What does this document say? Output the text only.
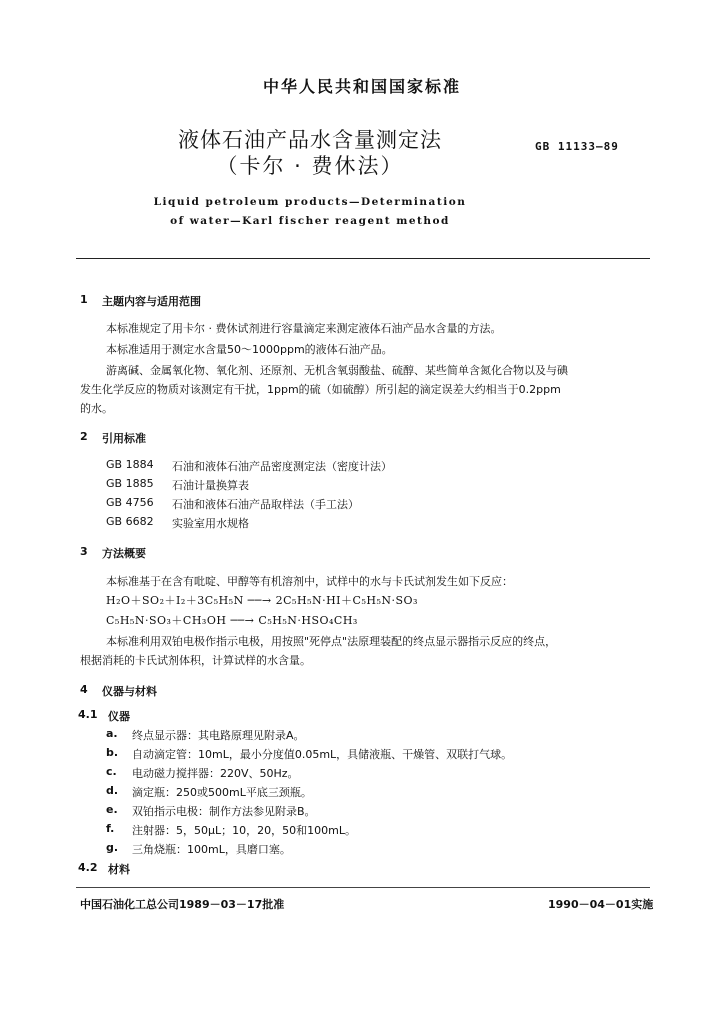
中华人民共和国国家标准
液体石油产品水含量测定法
（卡尔 · 费休法）
GB 11133—89
Liquid petroleum products—Determination
of water—Karl fischer reagent method
1 主题内容与适用范围
本标准规定了用卡尔 · 费休试剂进行容量滴定来测定液体石油产品水含量的方法。
本标准适用于测定水含量50～1000ppm的液体石油产品。
游离碱、金属氧化物、氧化剂、还原剂、无机含氧弱酸盐、硫醇、某些简单含氮化合物以及与碘
发生化学反应的物质对该测定有干扰，1ppm的硫（如硫醇）所引起的滴定误差大约相当于0.2ppm
的水。
2 引用标准
GB 1884 石油和液体石油产品密度测定法（密度计法）
GB 1885 石油计量换算表
GB 4756 石油和液体石油产品取样法（手工法）
GB 6682 实验室用水规格
3 方法概要
本标准基于在含有吡啶、甲醇等有机溶剂中，试样中的水与卡氏试剂发生如下反应：
H₂O＋SO₂＋I₂＋3C₅H₅N ──→ 2C₅H₅N·HI＋C₅H₅N·SO₃
C₅H₅N·SO₃＋CH₃OH ──→ C₅H₅N·HSO₄CH₃
本标准利用双铂电极作指示电极，用按照"死停点"法原理装配的终点显示器指示反应的终点，
根据消耗的卡氏试剂体积，计算试样的水含量。
4 仪器与材料
4.1 仪器
a. 终点显示器：其电路原理见附录A。
b. 自动滴定管：10mL，最小分度值0.05mL，具储液瓶、干燥管、双联打气球。
c. 电动磁力搅拌器：220V、50Hz。
d. 滴定瓶：250或500mL平底三颈瓶。
e. 双铂指示电极：制作方法参见附录B。
f. 注射器：5，50μL；10，20，50和100mL。
g. 三角烧瓶：100mL，具磨口塞。
4.2 材料
中国石油化工总公司1989－03－17批准	1990－04－01实施
